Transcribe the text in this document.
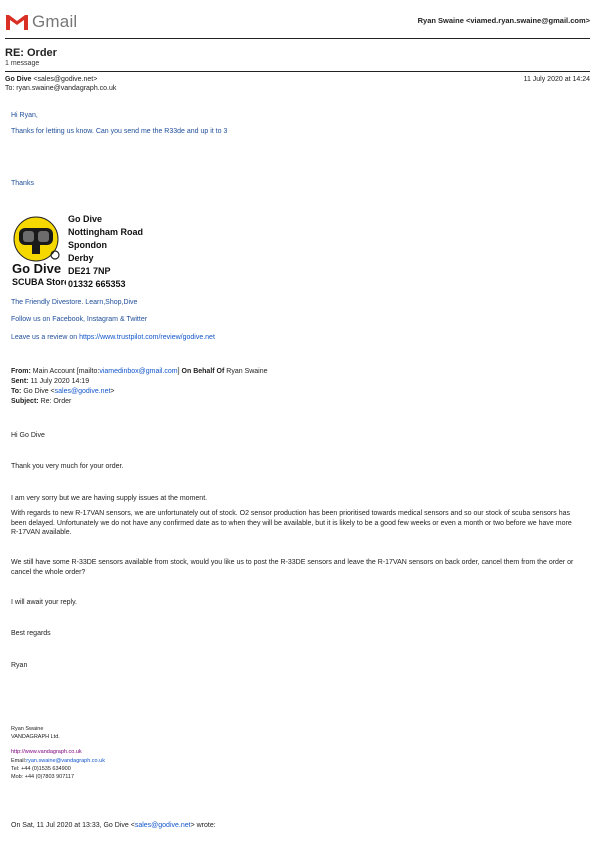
Gmail	Ryan Swaine <viamed.ryan.swaine@gmail.com>
RE: Order
1 message
Go Dive <sales@godive.net>
To: ryan.swaine@vandagraph.co.uk
11 July 2020 at 14:24
Hi Ryan,
Thanks for letting us know. Can you send me the R33de and up it to 3
Thanks
Go Dive
SCUBA Store
Go Dive
Nottingham Road
Spondon
Derby
DE21 7NP
01332 665353
The Friendly Divestore. Learn,Shop,Dive
Follow us on Facebook, Instagram & Twitter
Leave us a review on https://www.trustpilot.com/review/godive.net
From: Main Account [mailto:viamedinbox@gmail.com] On Behalf Of Ryan Swaine
Sent: 11 July 2020 14:19
To: Go Dive <sales@godive.net>
Subject: Re: Order
Hi Go Dive
Thank you very much for your order.
I am very sorry but we are having supply issues at the moment.
With regards to new R-17VAN sensors, we are unfortunately out of stock. O2 sensor production has been prioritised towards medical sensors and so our stock of scuba sensors has been delayed. Unfortunately we do not have any confirmed date as to when they will be available, but it is likely to be a good few weeks or even a month or two before we have more R-17VAN available.
We still have some R-33DE sensors available from stock, would you like us to post the R-33DE sensors and leave the R-17VAN sensors on back order, cancel them from the order or cancel the whole order?
I will await your reply.
Best regards
Ryan
Ryan Swaine
VANDAGRAPH Ltd.
http://www.vandagraph.co.uk
Email:ryan.swaine@vandagraph.co.uk
Tel: +44 (0)1535 634900
Mob: +44 (0)7803 907117
On Sat, 11 Jul 2020 at 13:33, Go Dive <sales@godive.net> wrote:
